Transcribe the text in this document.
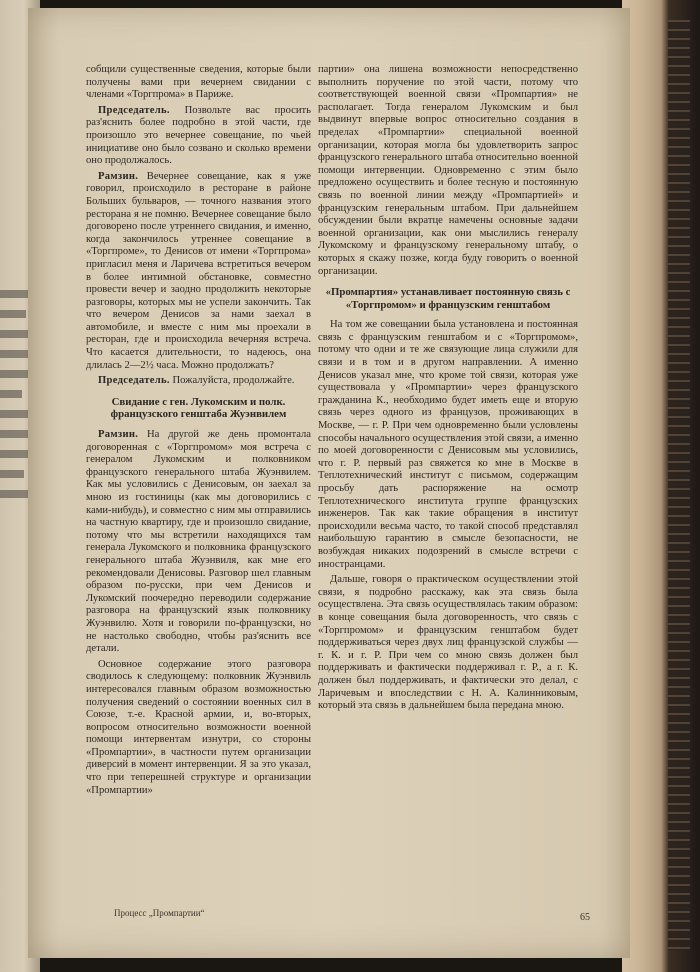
собщили существенные сведения, которые были получены вами при вечернем свидании с членами «Торгпрома» в Париже.

Председатель. Позвольте вас просить раз'яснить более подробно в этой части, где произошло это вечернее совещание, по чьей инициативе оно было созвано и сколько времени оно продолжалось.

Рамзин. Вечернее совещание, как я уже говорил, происходило в ресторане в районе Больших бульваров, — точного названия этого ресторана я не помню. Вечернее совещание было договорено после утреннего свидания, и именно, когда закончилось утреннее совещание в «Торгпроме», то Денисов от имени «Торгпрома» пригласил меня и Ларичева встретиться вечером в более интимной обстановке, совместно провести вечер и заодно продолжить некоторые разговоры, которых мы не успели закончить. Так что вечером Денисов за нами заехал в автомобиле, и вместе с ним мы проехали в ресторан, где и происходила вечерняя встреча. Что касается длительности, то надеюсь, она длилась 2—2½ часа. Можно продолжать?

Председатель. Пожалуйста, продолжайте.

Свидание с ген. Лукомским и полк. французского генштаба Жуэнвилем

Рамзин. На другой же день промонтала договоренная с «Торгпромом» моя встреча с генералом Лукомским и полковником французского генерального штаба Жуэнвилем. Как мы условились с Денисовым, он заехал за мною из гостиницы (как мы договорились с ками-нибудь), и совместно с ним мы отправились на частную квартиру, где и произошло свидание, потому что мы встретили находящихся там генерала Лукомского и полковника французского генерального штаба Жуэнвиля, как мне его рекомендовали Денисовы. Разговор шел главным образом по-русски, при чем Денисов и Лукомский поочередно переводили содержание разговора на французский язык полковнику Жуэнвилю. Хотя и говорили по-французски, но не настолько свободно, чтобы раз'яснить все детали.

Основное содержание этого разговора сводилось к следующему: полковник Жуэнвиль интересовался главным образом возможностью получения сведений о состоянии военных сил в Союзе, т.-е. Красной армии, и, во-вторых, вопросом относительно возможности военной помощи интервентам изнутри, со стороны «Промпартии», в частности путем организации диверсий в момент интервенции. Я за это указал, что при теперешней структуре и организации «Промпартии»

партии» она лишена возможности непосредственно выполнить поручение по этой части, потому что соответствующей военной связи «Промпартия» не располагает. Тогда генералом Лукомским и был выдвинут впервые вопрос относительно создания в пределах «Промпартии» специальной военной организации, которая могла бы удовлетворить запрос французского генерального штаба относительно военной помощи интервенции. Одновременно с этим было предложено осуществить и более тесную и постоянную связь по военной линии между «Промпартией» и французским генеральным штабом. При дальнейшем обсуждении были вкратце намечены основные задачи военной организации, как они мыслились генералу Лукомскому и французскому генеральному штабу, о которых я скажу позже, когда буду говорить о военной организации.

«Промпартия» устанавливает постоянную связь с «Торгпромом» и французским генштабом

На том же совещании была установлена и постоянная связь с французским генштабом и с «Торгпромом», потому что одни и те же связующие лица служили для связи и в том и в другом направлении. А именно Денисов указал мне, что кроме той связи, которая уже существовала у «Промпартии» через французского гражданина К., необходимо будет иметь еще и вторую связь через одного из французов, проживающих в Москве, — г. Р. При чем одновременно были условлены способы начального осуществления этой связи, а именно по моей договоренности с Денисовым мы условились, что г. Р. первый раз свяжется ко мне в Москве в Теплотехнический институт с письмом, содержащим просьбу дать распоряжение на осмотр Теплотехнического института группе французских инженеров. Так как такие обращения в институт происходили весьма часто, то такой способ представлял наибольшую гарантию в смысле безопасности, не возбуждая никаких подозрений в смысле встречи с иностранцами.

Дальше, говоря о практическом осуществлении этой связи, я подробно расскажу, как эта связь была осуществлена. Эта связь осуществлялась таким образом: в конце совещания была договоренность, что связь с «Торгпромом» и французским генштабом будет поддерживаться через двух лиц французской службы — г. К. и г. Р. При чем со мною связь должен был поддерживать и фактически поддерживал г. Р., а г. К. должен был поддерживать, и фактически это делал, с Ларичевым и впоследствии с Н. А. Калинниковым, который эта связь в дальнейшем была передана мною.

Процесс „Промпартии“	65
